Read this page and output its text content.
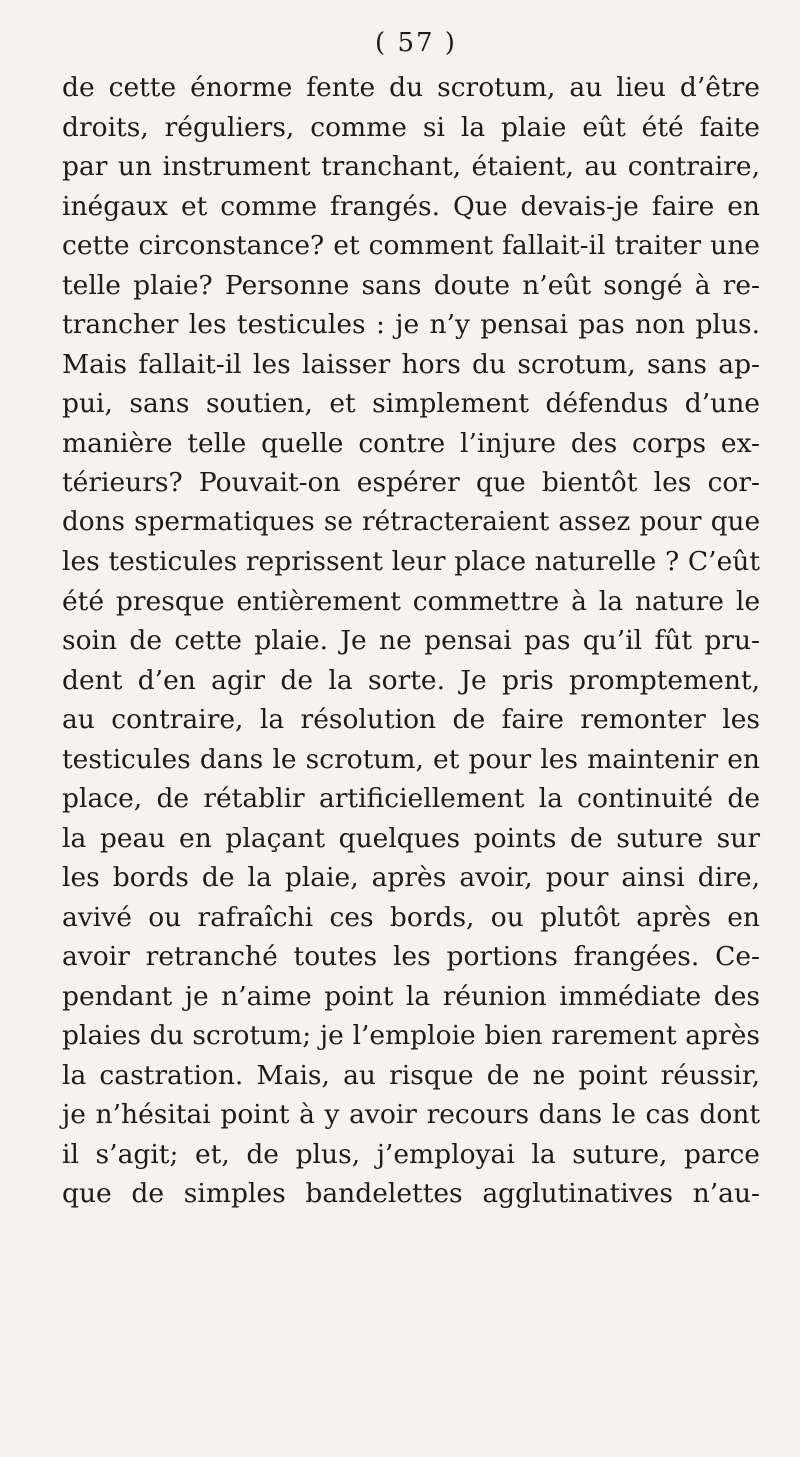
( 57 )
de cette énorme fente du scrotum, au lieu d’être
droits, réguliers, comme si la plaie eût été faite
par un instrument tranchant, étaient, au contraire,
inégaux et comme frangés. Que devais-je faire en
cette circonstance? et comment fallait-il traiter une
telle plaie? Personne sans doute n’eût songé à re-
trancher les testicules : je n’y pensai pas non plus.
Mais fallait-il les laisser hors du scrotum, sans ap-
pui, sans soutien, et simplement défendus d’une
manière telle quelle contre l’injure des corps ex-
térieurs? Pouvait-on espérer que bientôt les cor-
dons spermatiques se rétracteraient assez pour que
les testicules reprissent leur place naturelle ? C’eût
été presque entièrement commettre à la nature le
soin de cette plaie. Je ne pensai pas qu’il fût pru-
dent d’en agir de la sorte. Je pris promptement,
au contraire, la résolution de faire remonter les
testicules dans le scrotum, et pour les maintenir en
place, de rétablir artificiellement la continuité de
la peau en plaçant quelques points de suture sur
les bords de la plaie, après avoir, pour ainsi dire,
avivé ou rafraîchi ces bords, ou plutôt après en
avoir retranché toutes les portions frangées. Ce-
pendant je n’aime point la réunion immédiate des
plaies du scrotum; je l’emploie bien rarement après
la castration. Mais, au risque de ne point réussir,
je n’hésitai point à y avoir recours dans le cas dont
il s’agit; et, de plus, j’employai la suture, parce
que de simples bandelettes agglutinatives n’au-
